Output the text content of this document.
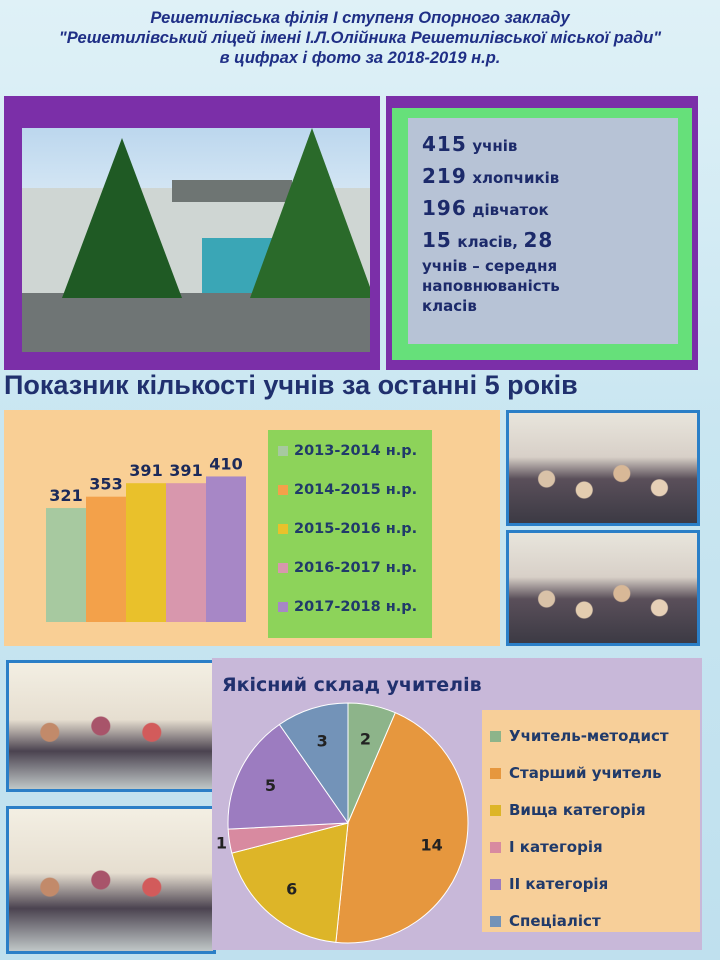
Решетилівська філія І ступеня Опорного закладу
"Решетилівський ліцей імені І.Л.Олійника Решетилівської міської ради"
в цифрах і фото за 2018-2019 н.р.
415 учнів
219 хлопчиків
196 дівчаток
15 класів, 28
учнів – середня
наповнюваність
класів
Показник кількості учнів за останні 5 років
321
353
391 391 410
2013-2014 н.р.
2014-2015 н.р.
2015-2016 н.р.
2016-2017 н.р.
2017-2018 н.р.
Якісний склад учителів
2
14
6
1
5
3	Учитель-методист
Старший учитель
Вища категорія
І категорія
ІІ категорія
Спеціаліст
